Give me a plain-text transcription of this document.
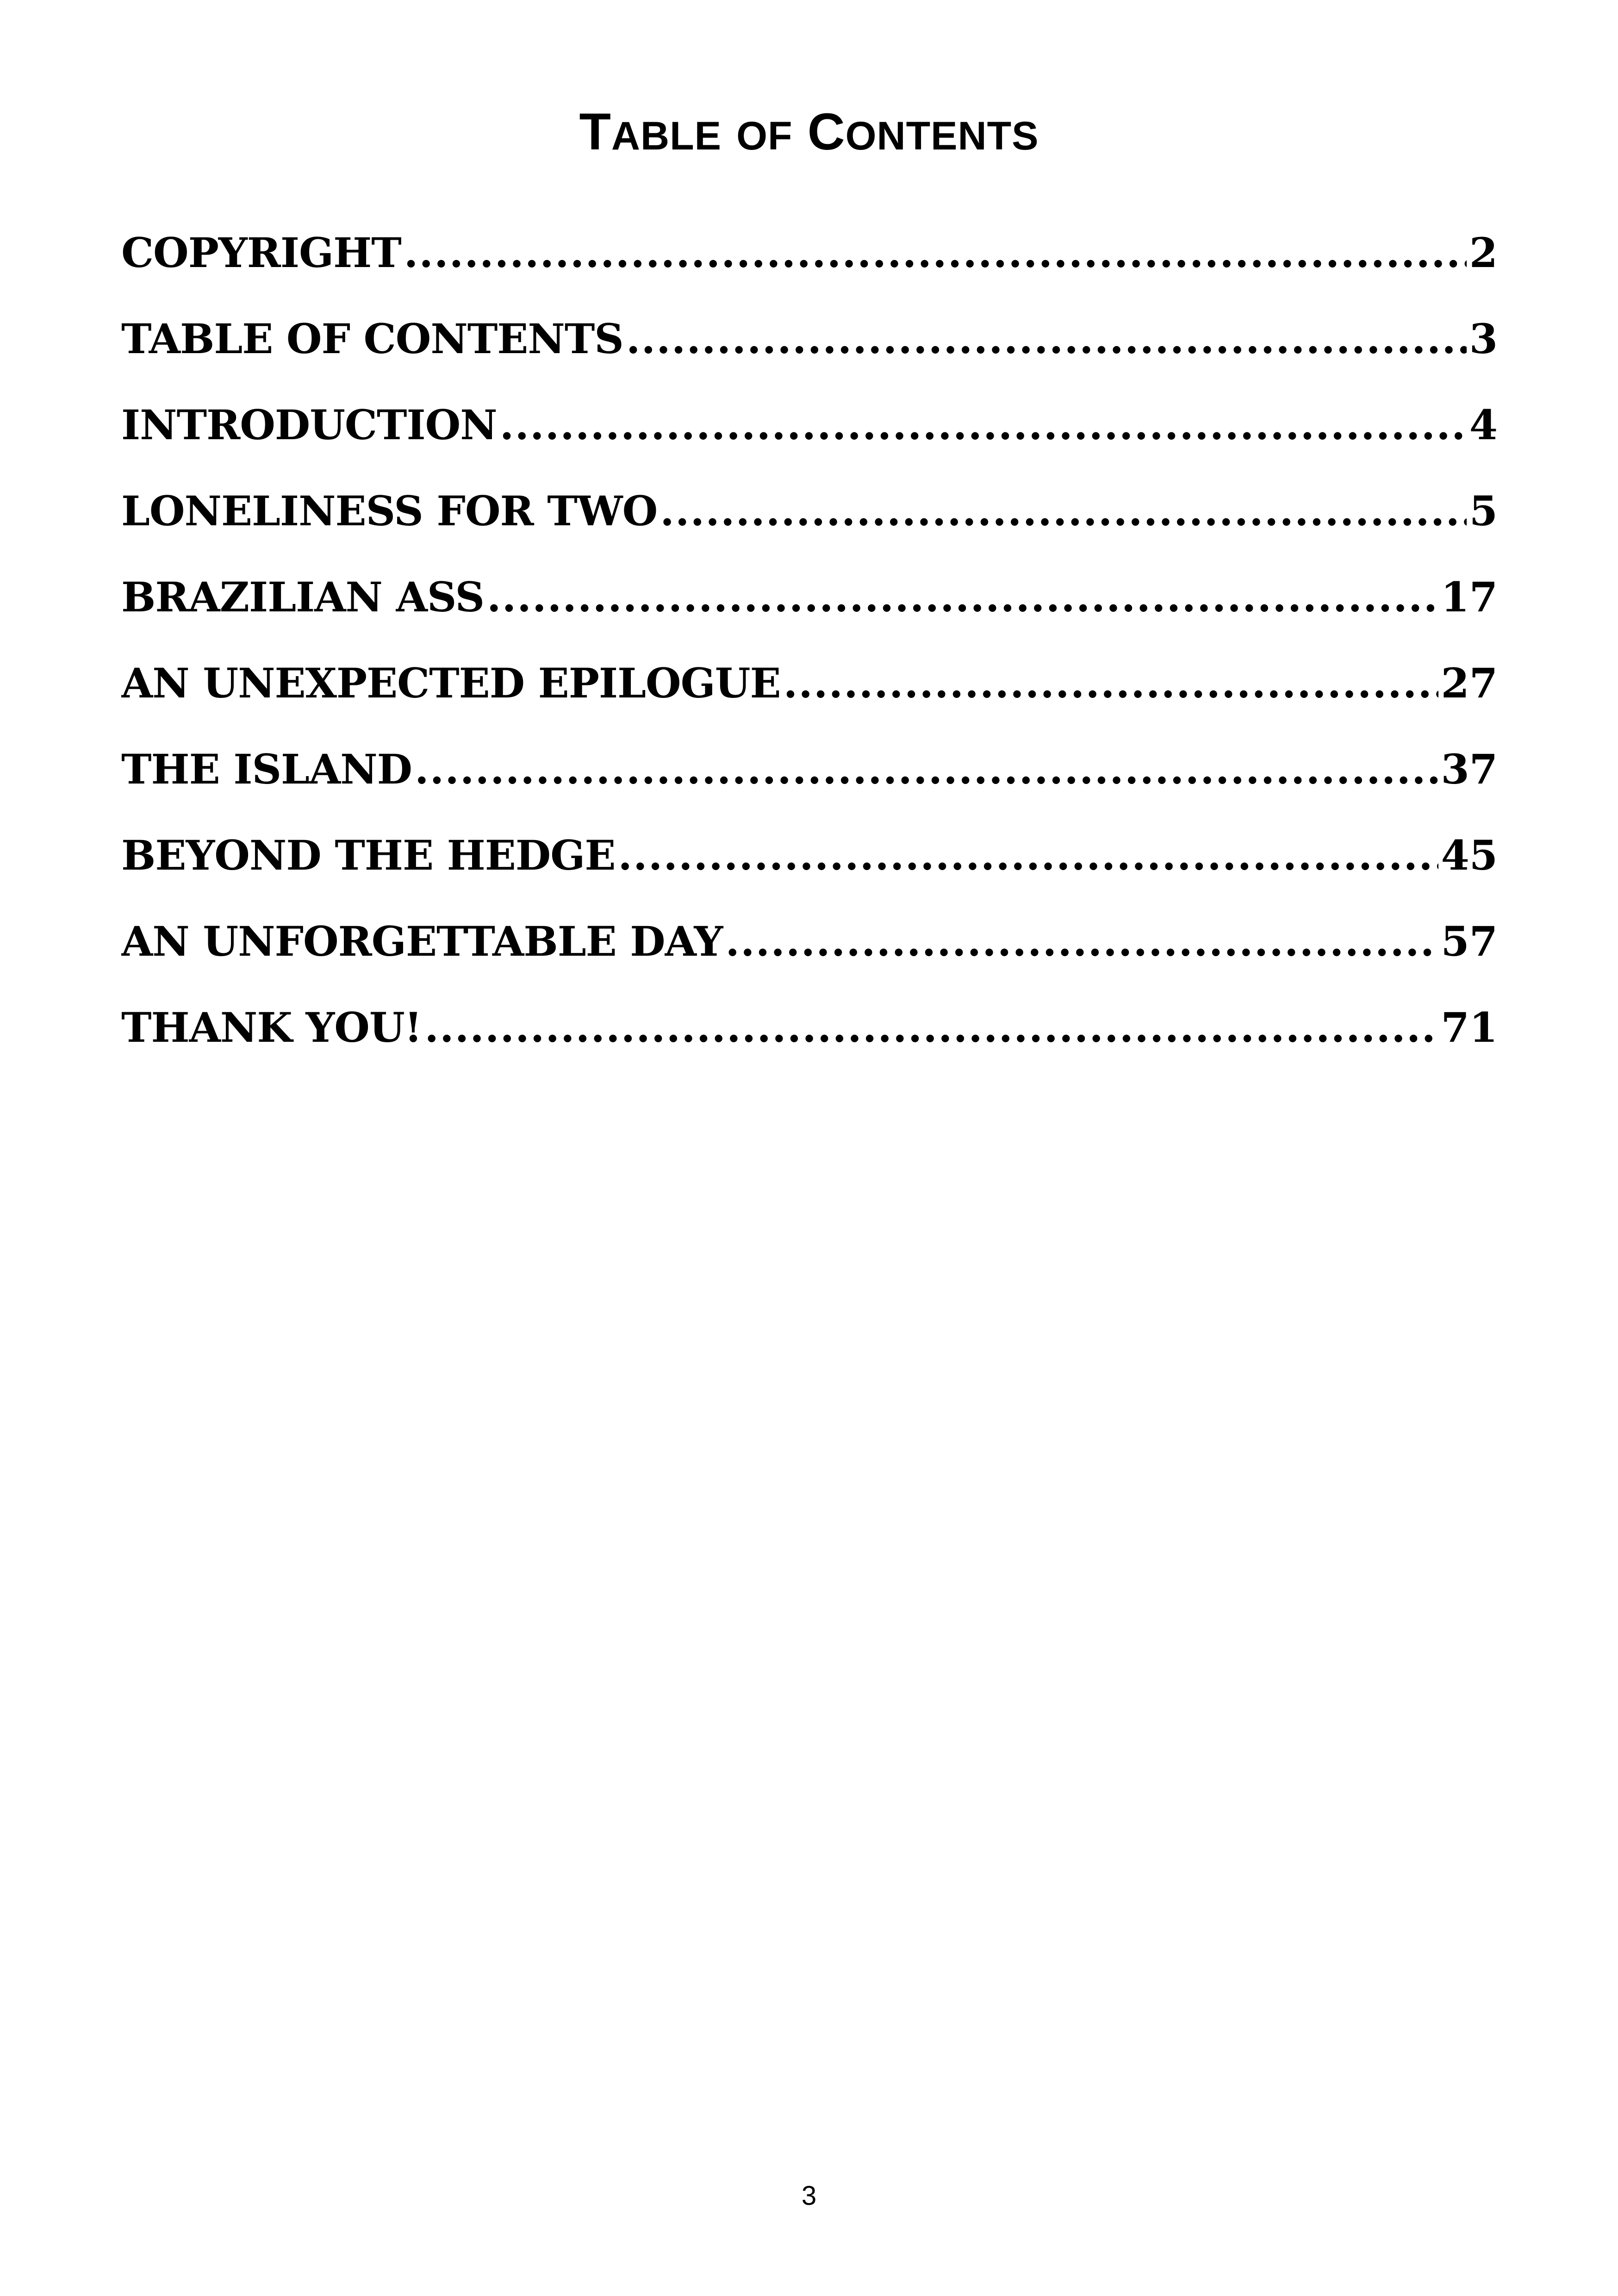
TABLE OF CONTENTS
COPYRIGHT .....	2
TABLE OF CONTENTS .....	3
INTRODUCTION .....	4
LONELINESS FOR TWO .....	5
BRAZILIAN ASS .....	17
AN UNEXPECTED EPILOGUE .....	27
THE ISLAND .....	37
BEYOND THE HEDGE .....	45
AN UNFORGETTABLE DAY .....	57
THANK YOU! .....	71
3
